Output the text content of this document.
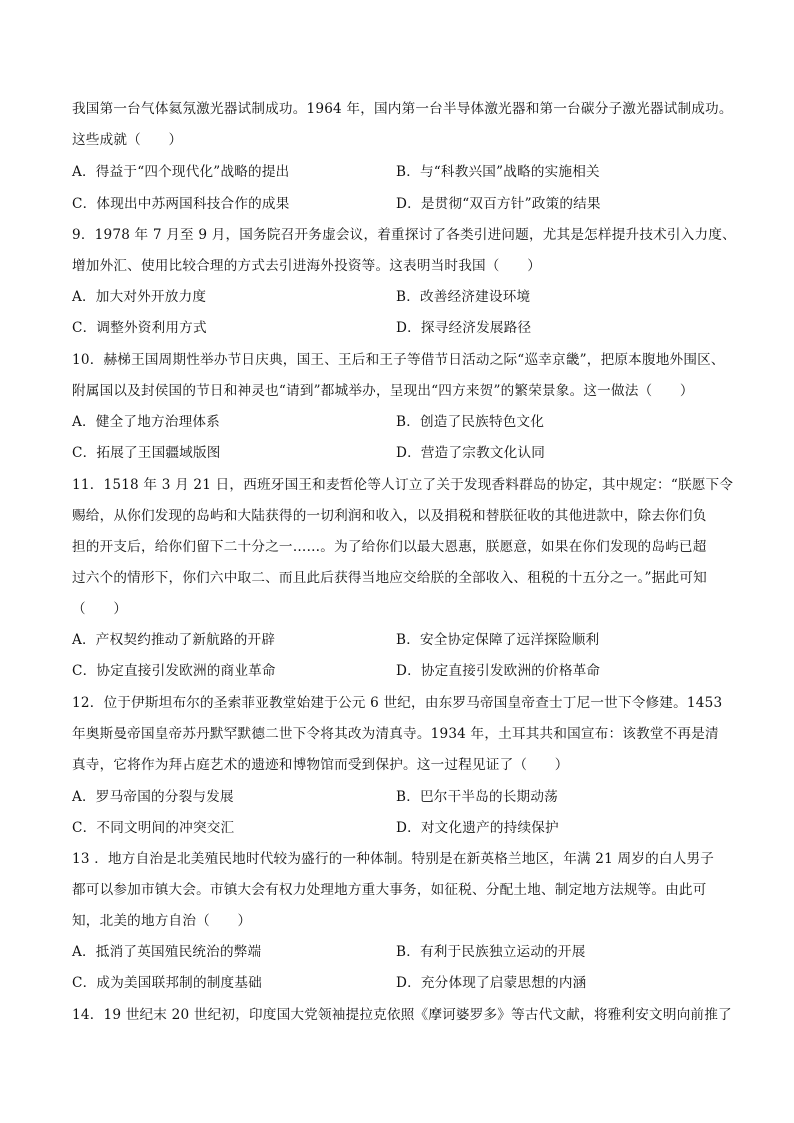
我国第一台气体氦氖激光器试制成功。1964 年，国内第一台半导体激光器和第一台碳分子激光器试制成功。
这些成就（　　）
A．得益于“四个现代化”战略的提出	B．与“科教兴国”战略的实施相关
C．体现出中苏两国科技合作的成果	D．是贯彻“双百方针”政策的结果
9．1978 年 7 月至 9 月，国务院召开务虚会议，着重探讨了各类引进问题，尤其是怎样提升技术引入力度、
增加外汇、使用比较合理的方式去引进海外投资等。这表明当时我国（　　）
A．加大对外开放力度	B．改善经济建设环境
C．调整外资利用方式	D．探寻经济发展路径
10．赫梯王国周期性举办节日庆典，国王、王后和王子等借节日活动之际“巡幸京畿”，把原本腹地外围区、
附属国以及封侯国的节日和神灵也“请到”都城举办，呈现出“四方来贺”的繁荣景象。这一做法（　　）
A．健全了地方治理体系	B．创造了民族特色文化
C．拓展了王国疆域版图	D．营造了宗教文化认同
11．1518 年 3 月 21 日，西班牙国王和麦哲伦等人订立了关于发现香料群岛的协定，其中规定：“朕愿下令
赐给，从你们发现的岛屿和大陆获得的一切利润和收入，以及捐税和替朕征收的其他进款中，除去你们负
担的开支后，给你们留下二十分之一……。为了给你们以最大恩惠，朕愿意，如果在你们发现的岛屿已超
过六个的情形下，你们六中取二、而且此后获得当地应交给朕的全部收入、租税的十五分之一。”据此可知
（　　）
A．产权契约推动了新航路的开辟	B．安全协定保障了远洋探险顺利
C．协定直接引发欧洲的商业革命	D．协定直接引发欧洲的价格革命
12．位于伊斯坦布尔的圣索菲亚教堂始建于公元 6 世纪，由东罗马帝国皇帝查士丁尼一世下令修建。1453
年奥斯曼帝国皇帝苏丹默罕默德二世下令将其改为清真寺。1934 年，土耳其共和国宣布：该教堂不再是清
真寺，它将作为拜占庭艺术的遗迹和博物馆而受到保护。这一过程见证了（　　）
A．罗马帝国的分裂与发展	B．巴尔干半岛的长期动荡
C．不同文明间的冲突交汇	D．对文化遗产的持续保护
13 ．地方自治是北美殖民地时代较为盛行的一种体制。特别是在新英格兰地区，年满 21 周岁的白人男子
都可以参加市镇大会。市镇大会有权力处理地方重大事务，如征税、分配土地、制定地方法规等。由此可
知，北美的地方自治（　　）
A．抵消了英国殖民统治的弊端	B．有利于民族独立运动的开展
C．成为美国联邦制的制度基础	D．充分体现了启蒙思想的内涵
14．19 世纪末 20 世纪初，印度国大党领袖提拉克依照《摩诃婆罗多》等古代文献，将雅利安文明向前推了
